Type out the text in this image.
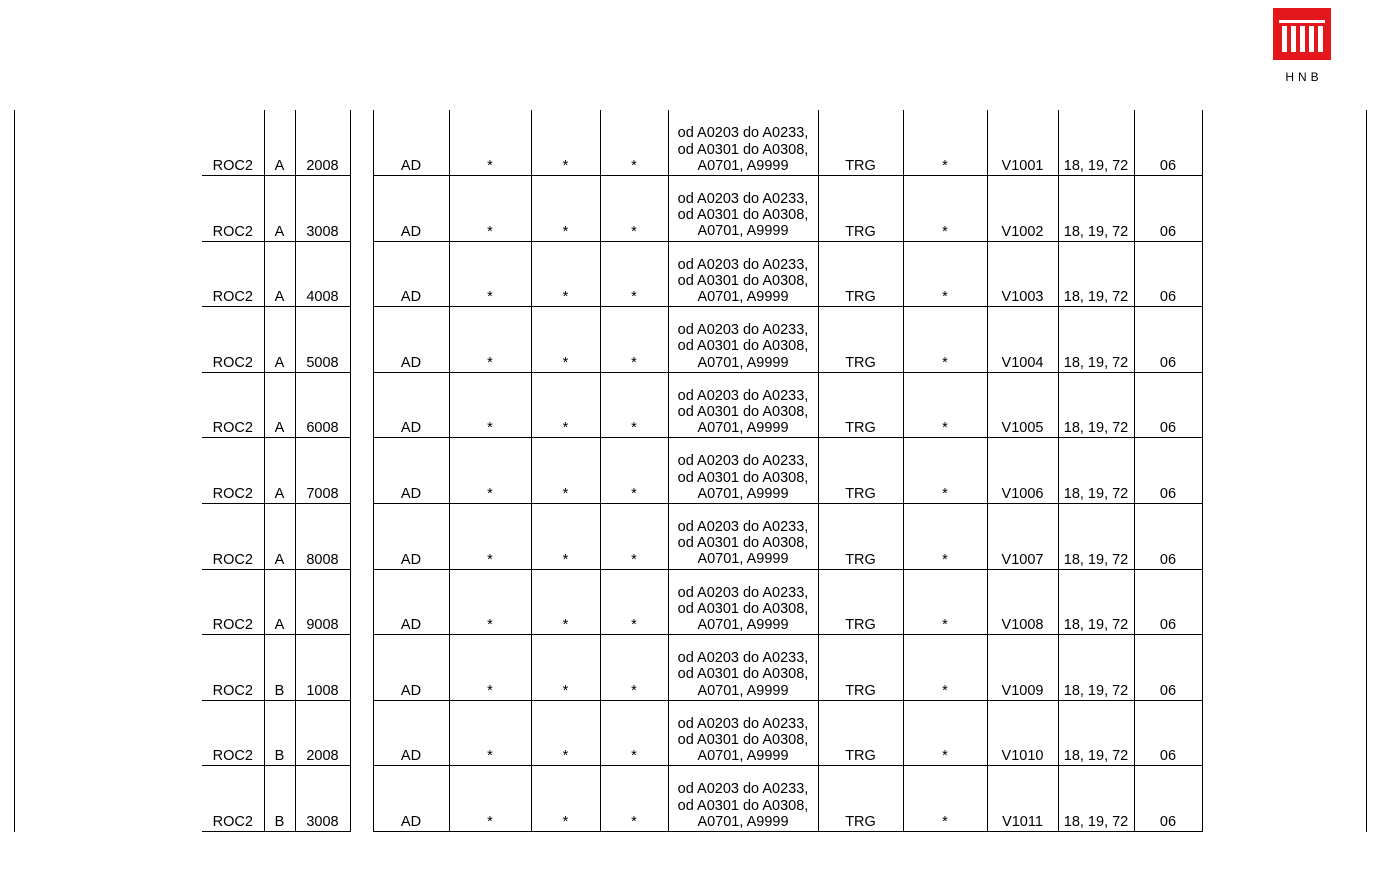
HNB
ROC2	A	2008		AD	*	*	*	od A0203 do A0233, od A0301 do A0308, A0701, A9999	TRG	*	V1001	18, 19, 72	06
ROC2	A	3008		AD	*	*	*	od A0203 do A0233, od A0301 do A0308, A0701, A9999	TRG	*	V1002	18, 19, 72	06
ROC2	A	4008		AD	*	*	*	od A0203 do A0233, od A0301 do A0308, A0701, A9999	TRG	*	V1003	18, 19, 72	06
ROC2	A	5008		AD	*	*	*	od A0203 do A0233, od A0301 do A0308, A0701, A9999	TRG	*	V1004	18, 19, 72	06
ROC2	A	6008		AD	*	*	*	od A0203 do A0233, od A0301 do A0308, A0701, A9999	TRG	*	V1005	18, 19, 72	06
ROC2	A	7008		AD	*	*	*	od A0203 do A0233, od A0301 do A0308, A0701, A9999	TRG	*	V1006	18, 19, 72	06
ROC2	A	8008		AD	*	*	*	od A0203 do A0233, od A0301 do A0308, A0701, A9999	TRG	*	V1007	18, 19, 72	06
ROC2	A	9008		AD	*	*	*	od A0203 do A0233, od A0301 do A0308, A0701, A9999	TRG	*	V1008	18, 19, 72	06
ROC2	B	1008		AD	*	*	*	od A0203 do A0233, od A0301 do A0308, A0701, A9999	TRG	*	V1009	18, 19, 72	06
ROC2	B	2008		AD	*	*	*	od A0203 do A0233, od A0301 do A0308, A0701, A9999	TRG	*	V1010	18, 19, 72	06
ROC2	B	3008		AD	*	*	*	od A0203 do A0233, od A0301 do A0308, A0701, A9999	TRG	*	V1011	18, 19, 72	06
